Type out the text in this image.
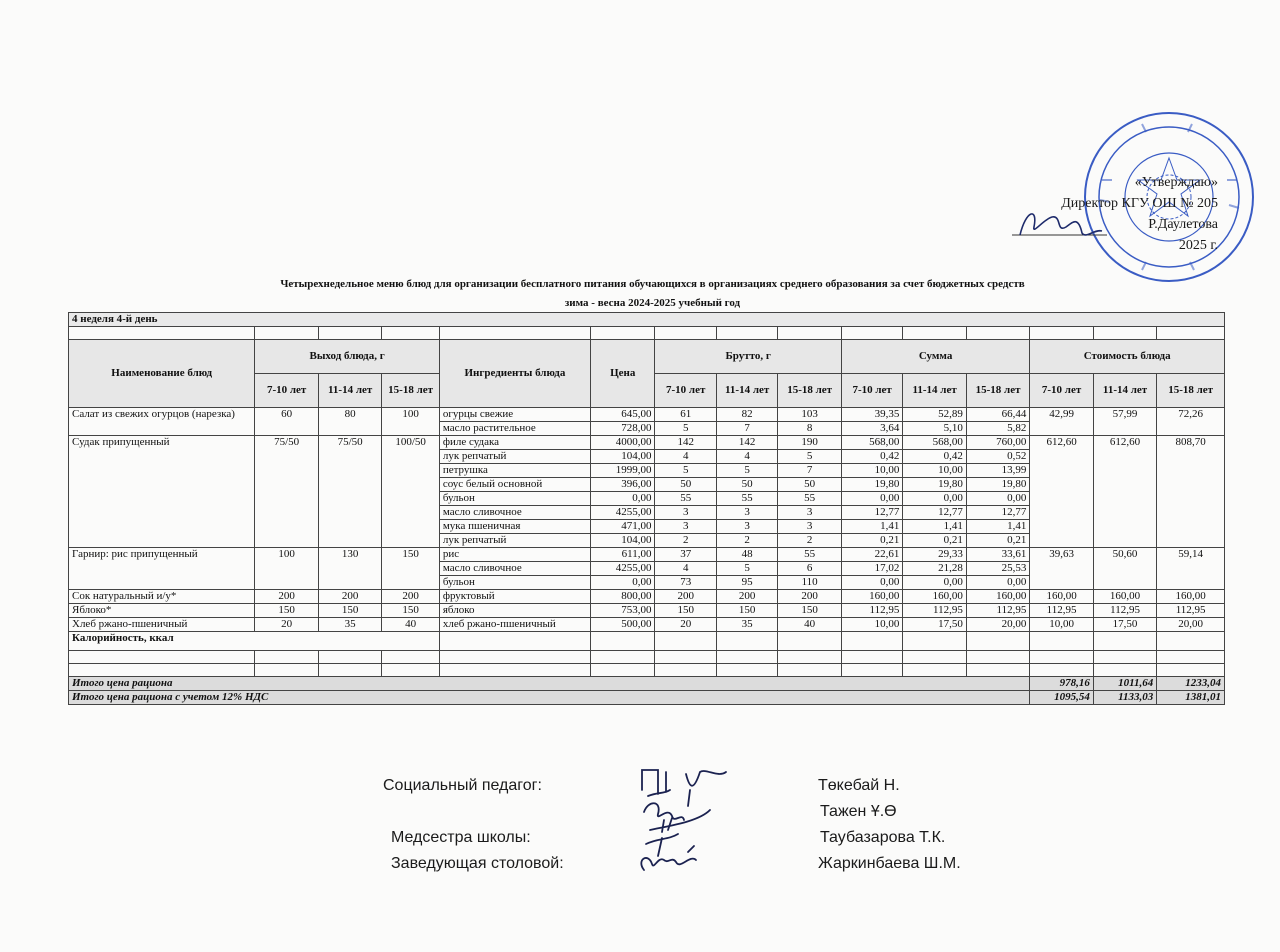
«Утверждаю»
Директор КГУ ОШ № 205
Р.Даулетова
2025 г.
Четырехнедельное меню блюд для организации бесплатного питания обучающихся в организациях среднего образования за счет бюджетных средств
зима - весна 2024-2025 учебный год
4 неделя 4-й день														

Наименование блюд	Выход блюда, г			Ингредиенты блюда	Цена	Брутто, г			Сумма			Стоимость блюда		
	7-10 лет	11-14 лет	15-18 лет			7-10 лет	11-14 лет	15-18 лет	7-10 лет	11-14 лет	15-18 лет	7-10 лет	11-14 лет	15-18 лет
Салат из свежих огурцов (нарезка)	60	80	100	огурцы свежие	645,00	61	82	103	39,35	52,89	66,44	42,99	57,99	72,26
				масло растительное	728,00	5	7	8	3,64	5,10	5,82			
Судак припущенный	75/50	75/50	100/50	филе судака	4000,00	142	142	190	568,00	568,00	760,00	612,60	612,60	808,70
				лук репчатый	104,00	4	4	5	0,42	0,42	0,52			
				петрушка	1999,00	5	5	7	10,00	10,00	13,99			
				соус белый основной	396,00	50	50	50	19,80	19,80	19,80			
				бульон	0,00	55	55	55	0,00	0,00	0,00			
				масло сливочное	4255,00	3	3	3	12,77	12,77	12,77			
				мука пшеничная	471,00	3	3	3	1,41	1,41	1,41			
				лук репчатый	104,00	2	2	2	0,21	0,21	0,21			
Гарнир: рис припущенный	100	130	150	рис	611,00	37	48	55	22,61	29,33	33,61	39,63	50,60	59,14
				масло сливочное	4255,00	4	5	6	17,02	21,28	25,53			
				бульон	0,00	73	95	110	0,00	0,00	0,00			
Сок натуральный и/у*	200	200	200	фруктовый	800,00	200	200	200	160,00	160,00	160,00	160,00	160,00	160,00
Яблоко*	150	150	150	яблоко	753,00	150	150	150	112,95	112,95	112,95	112,95	112,95	112,95
Хлеб ржано-пшеничный	20	35	40	хлеб ржано-пшеничный	500,00	20	35	40	10,00	17,50	20,00	10,00	17,50	20,00
Калорийность, ккал														

Итого цена рациона												978,16	1011,64	1233,04
Итого цена рациона с учетом 12% НДС												1095,54	1133,03	1381,01
Социальный педагог:	Төкебай Н.
Тажен Ұ.Ө
Медсестра школы:	Таубазарова Т.К.
Заведующая столовой:	Жаркинбаева Ш.М.
